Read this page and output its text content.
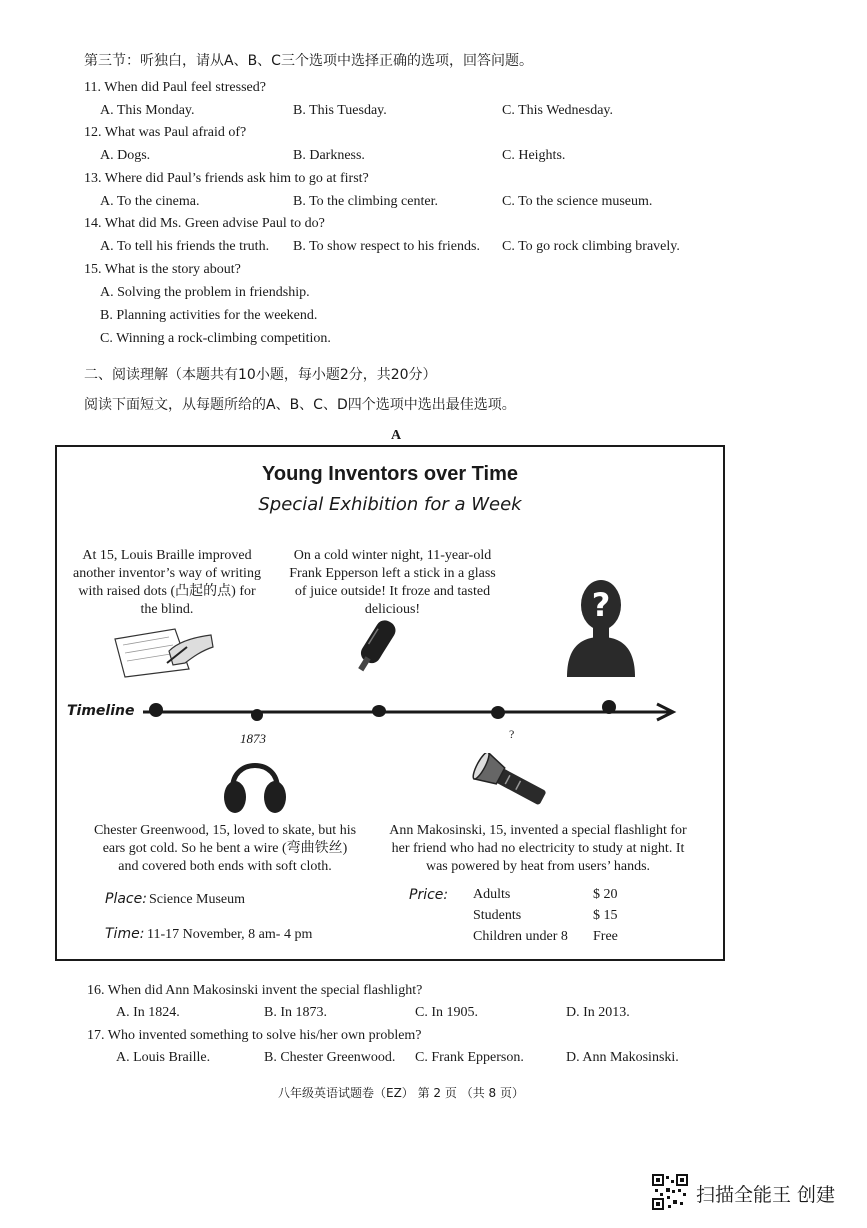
第三节：听独白，请从A、B、C三个选项中选择正确的选项，回答问题。
11. When did Paul feel stressed?
A. This Monday.	B. This Tuesday.	C. This Wednesday.
12. What was Paul afraid of?
A. Dogs.	B. Darkness.	C. Heights.
13. Where did Paul’s friends ask him to go at first?
A. To the cinema.	B. To the climbing center.	C. To the science museum.
14. What did Ms. Green advise Paul to do?
A. To tell his friends the truth. B. To show respect to his friends. C. To go rock climbing bravely.
15. What is the story about?
A. Solving the problem in friendship.
B. Planning activities for the weekend.
C. Winning a rock-climbing competition.
二、阅读理解（本题共有10小题，每小题2分，共20分）
阅读下面短文，从每题所给的A、B、C、D四个选项中选出最佳选项。
A
Young Inventors over Time
Special Exhibition for a Week
At 15, Louis Braille improved another inventor’s way of writing with raised dots (凸起的点) for the blind.
On a cold winter night, 11-year-old Frank Epperson left a stick in a glass of juice outside! It froze and tasted delicious!	?
Timeline
1873	?
Chester Greenwood, 15, loved to skate, but his ears got cold. So he bent a wire (弯曲铁丝) and covered both ends with soft cloth.
Ann Makosinski, 15, invented a special flashlight for her friend who had no electricity to study at night. It was powered by heat from users’ hands.
Place: Science Museum
Time: 11-17 November, 8 am- 4 pm
Price: Adults	$ 20
Students	$ 15
Children under 8 Free
16. When did Ann Makosinski invent the special flashlight?
A. In 1824.	B. In 1873.	C. In 1905.	D. In 2013.
17. Who invented something to solve his/her own problem?
A. Louis Braille.	B. Chester Greenwood. C. Frank Epperson.	D. Ann Makosinski.
八年级英语试题卷（EZ） 第 2 页 （共 8 页）
扫描全能王 创建
